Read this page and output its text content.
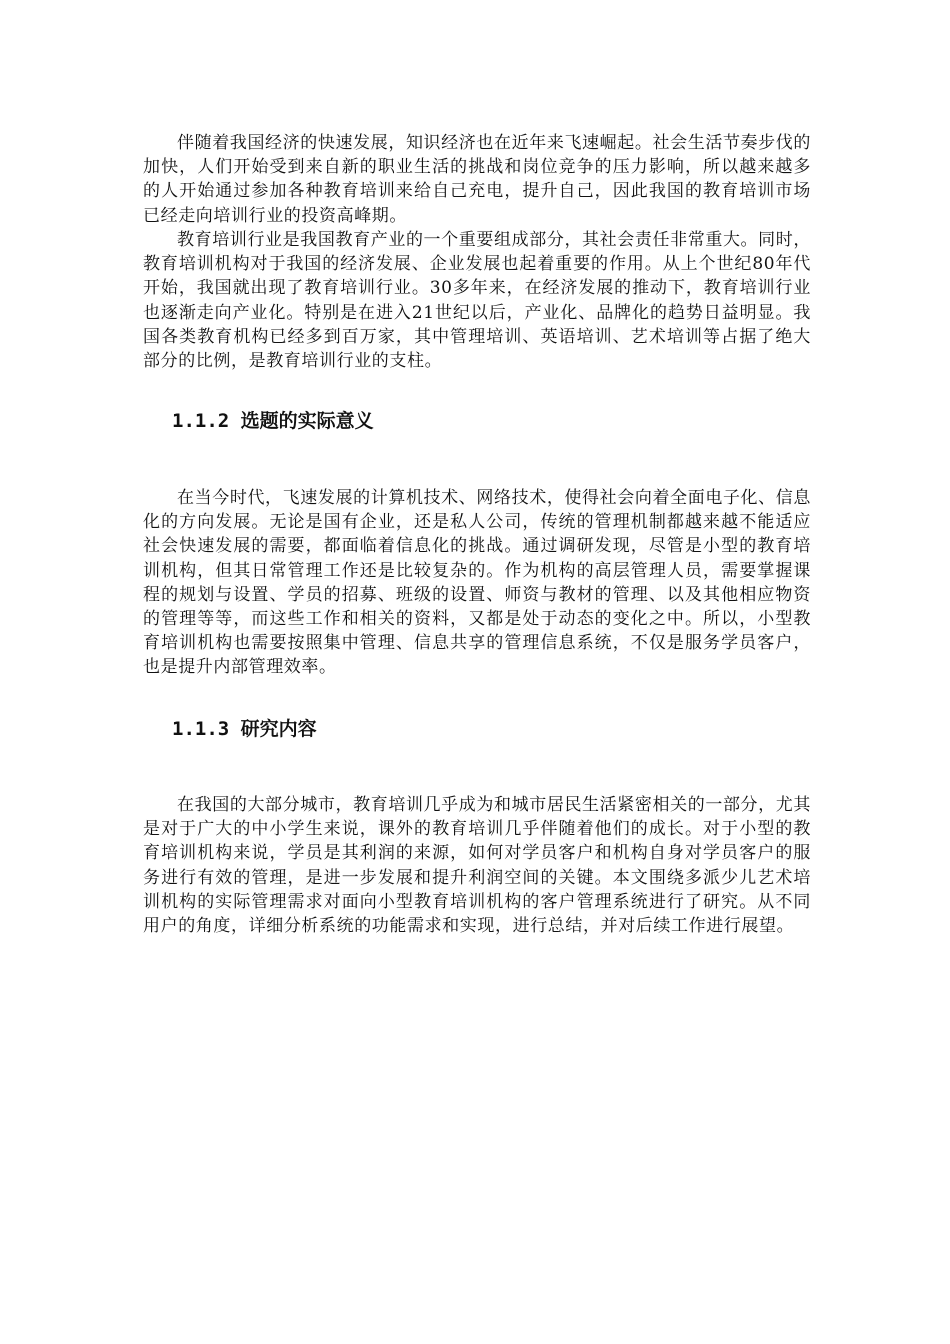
伴随着我国经济的快速发展，知识经济也在近年来飞速崛起。社会生活节奏步伐的加快，人们开始受到来自新的职业生活的挑战和岗位竞争的压力影响，所以越来越多的人开始通过参加各种教育培训来给自己充电，提升自己，因此我国的教育培训市场已经走向培训行业的投资高峰期。

教育培训行业是我国教育产业的一个重要组成部分，其社会责任非常重大。同时，教育培训机构对于我国的经济发展、企业发展也起着重要的作用。从上个世纪80年代开始，我国就出现了教育培训行业。30多年来，在经济发展的推动下，教育培训行业也逐渐走向产业化。特别是在进入21世纪以后，产业化、品牌化的趋势日益明显。我国各类教育机构已经多到百万家，其中管理培训、英语培训、艺术培训等占据了绝大部分的比例，是教育培训行业的支柱。

1.1.2 选题的实际意义

在当今时代，飞速发展的计算机技术、网络技术，使得社会向着全面电子化、信息化的方向发展。无论是国有企业，还是私人公司，传统的管理机制都越来越不能适应社会快速发展的需要，都面临着信息化的挑战。通过调研发现，尽管是小型的教育培训机构，但其日常管理工作还是比较复杂的。作为机构的高层管理人员，需要掌握课程的规划与设置、学员的招募、班级的设置、师资与教材的管理、以及其他相应物资的管理等等，而这些工作和相关的资料，又都是处于动态的变化之中。所以，小型教育培训机构也需要按照集中管理、信息共享的管理信息系统，不仅是服务学员客户，也是提升内部管理效率。

1.1.3 研究内容

在我国的大部分城市，教育培训几乎成为和城市居民生活紧密相关的一部分，尤其是对于广大的中小学生来说，课外的教育培训几乎伴随着他们的成长。对于小型的教育培训机构来说，学员是其利润的来源，如何对学员客户和机构自身对学员客户的服务进行有效的管理，是进一步发展和提升利润空间的关键。本文围绕多派少儿艺术培训机构的实际管理需求对面向小型教育培训机构的客户管理系统进行了研究。从不同用户的角度，详细分析系统的功能需求和实现，进行总结，并对后续工作进行展望。
